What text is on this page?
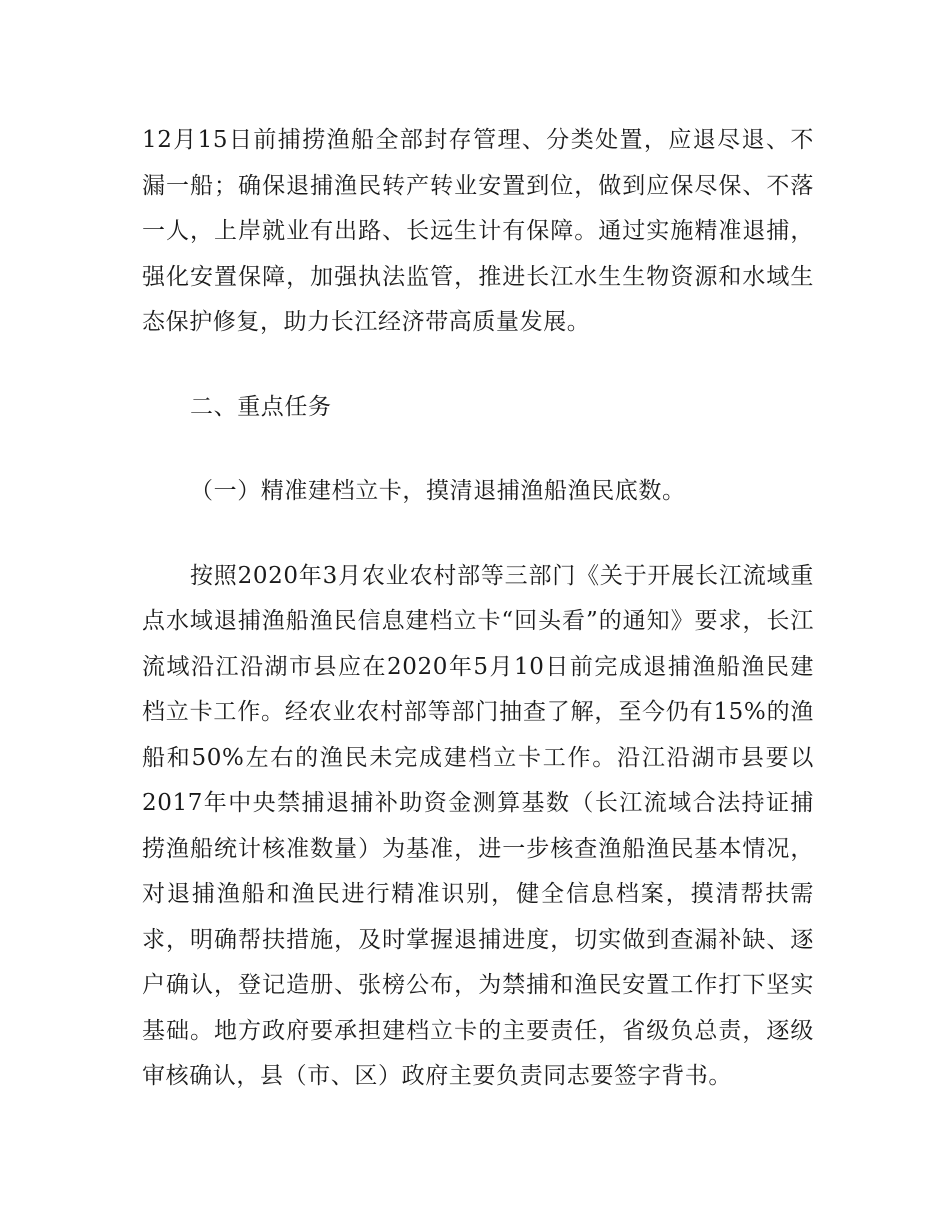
12月15日前捕捞渔船全部封存管理、分类处置，应退尽退、不漏一船；确保退捕渔民转产转业安置到位，做到应保尽保、不落一人，上岸就业有出路、长远生计有保障。通过实施精准退捕，强化安置保障，加强执法监管，推进长江水生生物资源和水域生态保护修复，助力长江经济带高质量发展。

二、重点任务

（一）精准建档立卡，摸清退捕渔船渔民底数。

按照2020年3月农业农村部等三部门《关于开展长江流域重点水域退捕渔船渔民信息建档立卡“回头看”的通知》要求，长江流域沿江沿湖市县应在2020年5月10日前完成退捕渔船渔民建档立卡工作。经农业农村部等部门抽查了解，至今仍有15%的渔船和50%左右的渔民未完成建档立卡工作。沿江沿湖市县要以2017年中央禁捕退捕补助资金测算基数（长江流域合法持证捕捞渔船统计核准数量）为基准，进一步核查渔船渔民基本情况，对退捕渔船和渔民进行精准识别，健全信息档案，摸清帮扶需求，明确帮扶措施，及时掌握退捕进度，切实做到查漏补缺、逐户确认，登记造册、张榜公布，为禁捕和渔民安置工作打下坚实基础。地方政府要承担建档立卡的主要责任，省级负总责，逐级审核确认，县（市、区）政府主要负责同志要签字背书。
